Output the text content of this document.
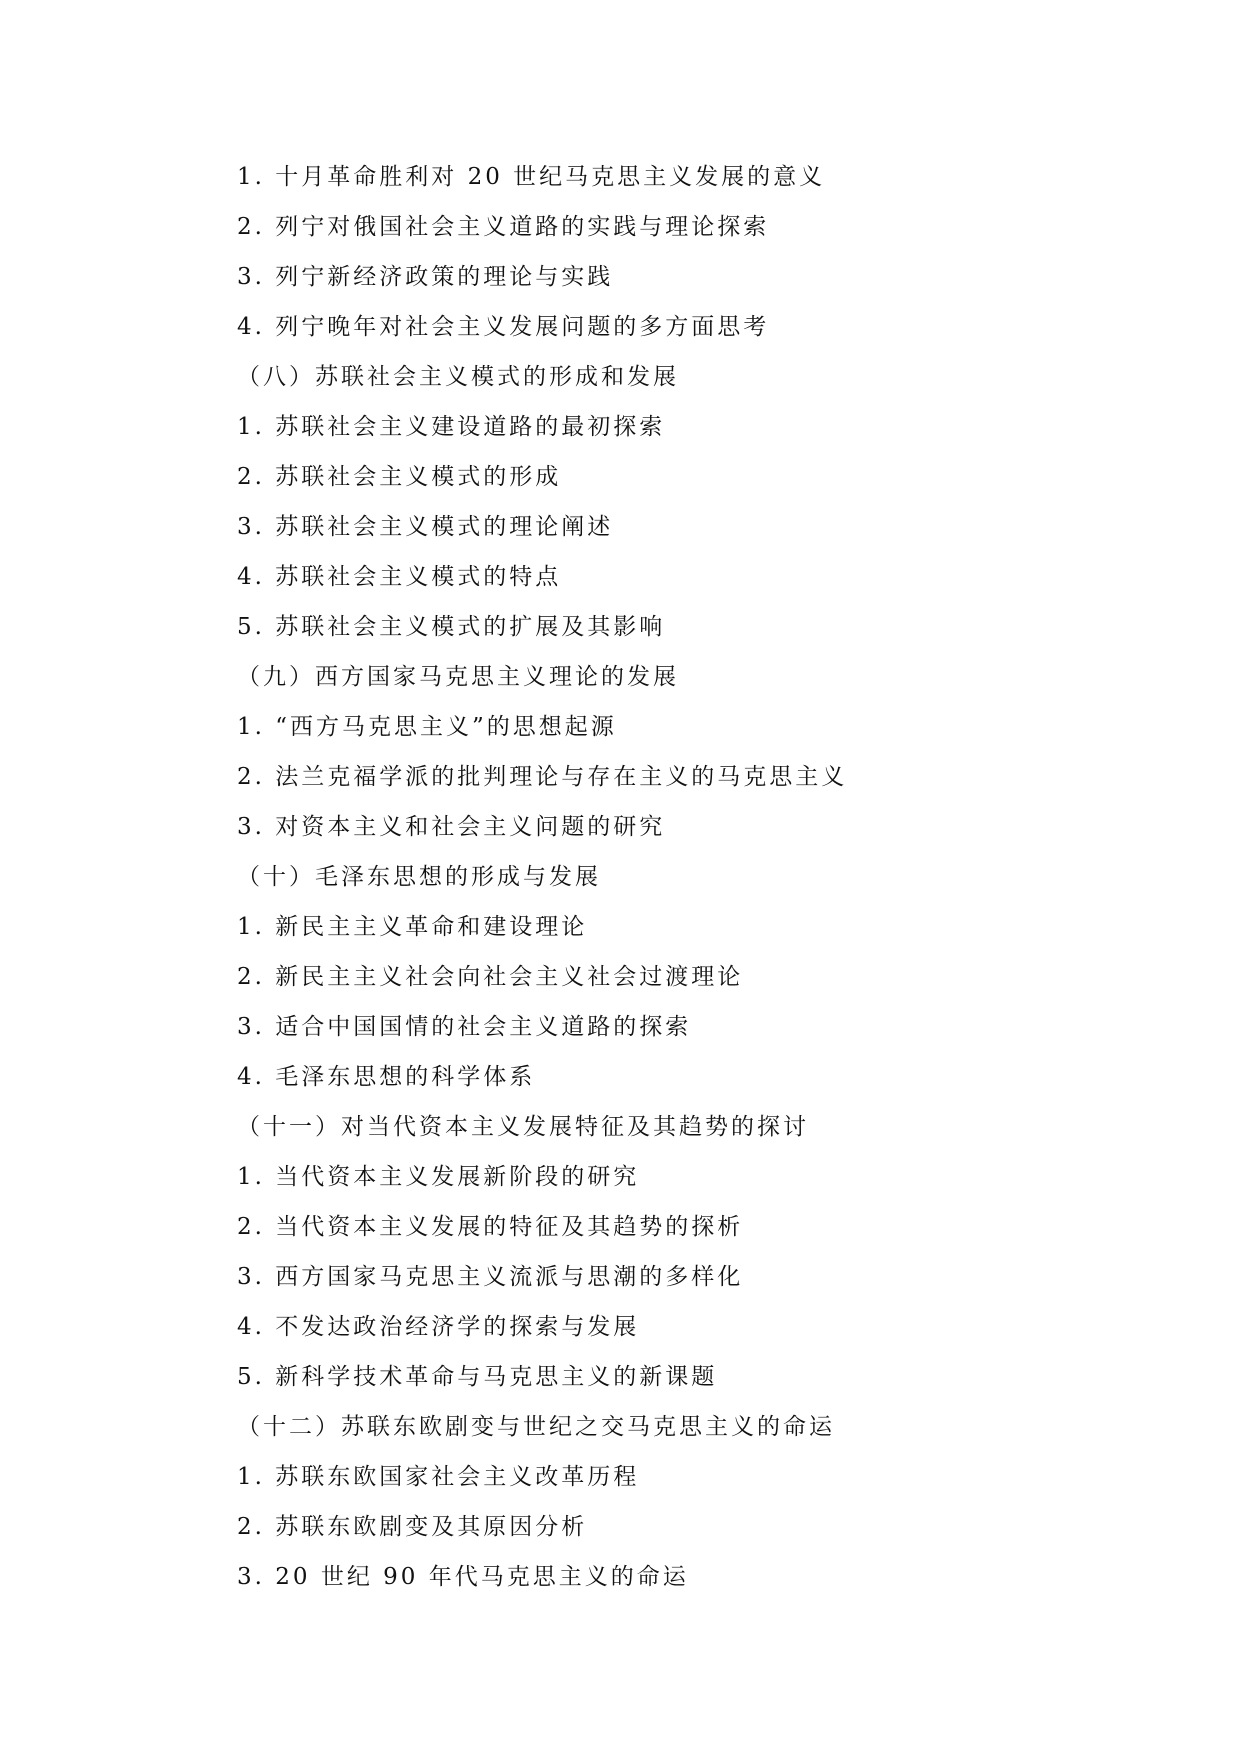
1. 十月革命胜利对 20 世纪马克思主义发展的意义
2. 列宁对俄国社会主义道路的实践与理论探索
3. 列宁新经济政策的理论与实践
4. 列宁晚年对社会主义发展问题的多方面思考
（八）苏联社会主义模式的形成和发展
1. 苏联社会主义建设道路的最初探索
2. 苏联社会主义模式的形成
3. 苏联社会主义模式的理论阐述
4. 苏联社会主义模式的特点
5. 苏联社会主义模式的扩展及其影响
（九）西方国家马克思主义理论的发展
1. “西方马克思主义”的思想起源
2. 法兰克福学派的批判理论与存在主义的马克思主义
3. 对资本主义和社会主义问题的研究
（十）毛泽东思想的形成与发展
1. 新民主主义革命和建设理论
2. 新民主主义社会向社会主义社会过渡理论
3. 适合中国国情的社会主义道路的探索
4. 毛泽东思想的科学体系
（十一）对当代资本主义发展特征及其趋势的探讨
1. 当代资本主义发展新阶段的研究
2. 当代资本主义发展的特征及其趋势的探析
3. 西方国家马克思主义流派与思潮的多样化
4. 不发达政治经济学的探索与发展
5. 新科学技术革命与马克思主义的新课题
（十二）苏联东欧剧变与世纪之交马克思主义的命运
1. 苏联东欧国家社会主义改革历程
2. 苏联东欧剧变及其原因分析
3. 20 世纪 90 年代马克思主义的命运
